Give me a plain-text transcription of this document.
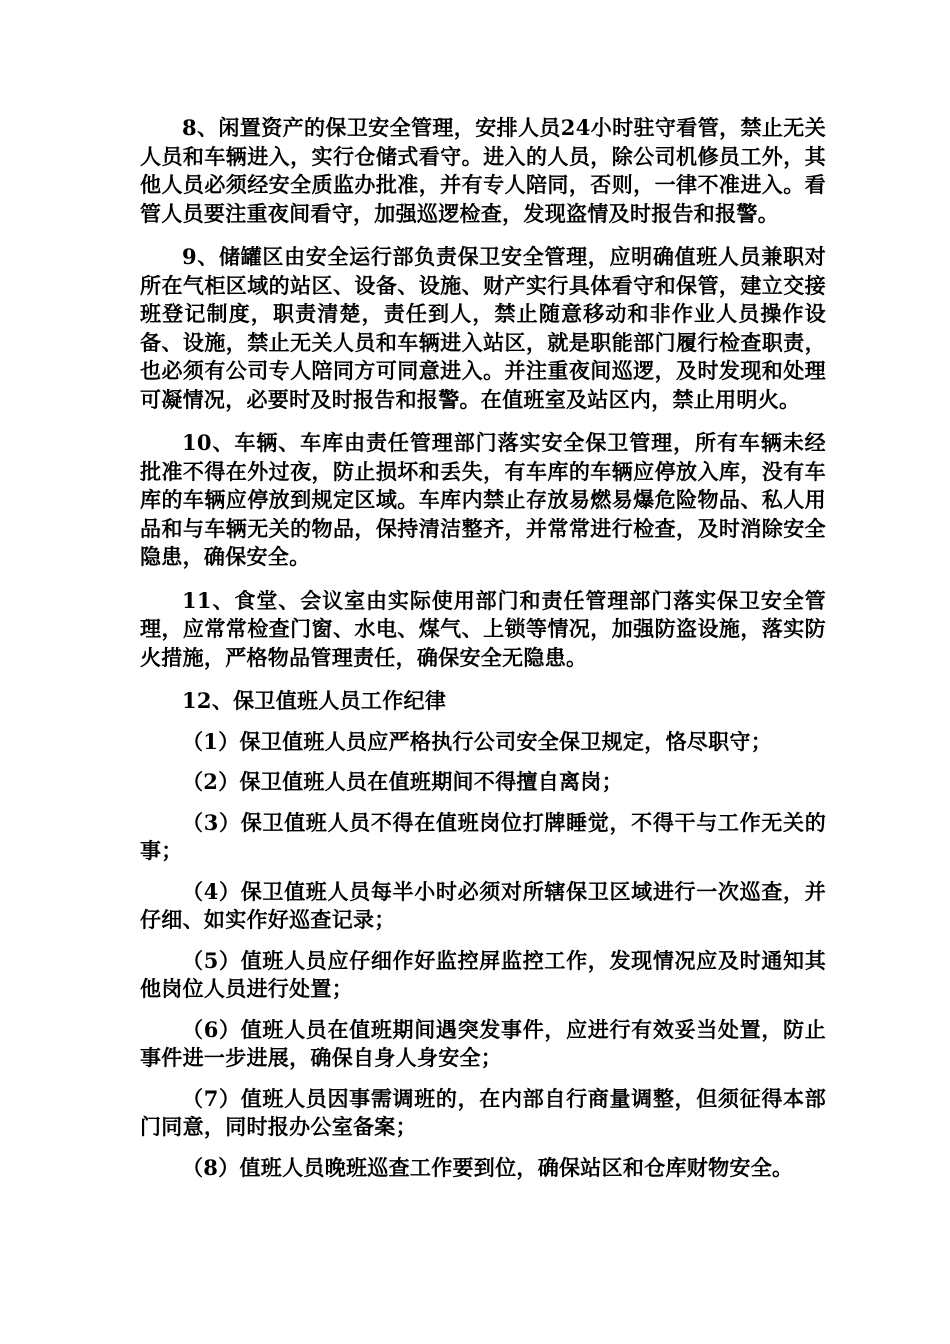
8、闲置资产的保卫安全管理，安排人员24小时驻守看管，禁止无关人员和车辆进入，实行仓储式看守。进入的人员，除公司机修员工外，其他人员必须经安全质监办批准，并有专人陪同，否则，一律不准进入。看管人员要注重夜间看守，加强巡逻检查，发现盗情及时报告和报警。

9、储罐区由安全运行部负责保卫安全管理，应明确值班人员兼职对所在气柜区域的站区、设备、设施、财产实行具体看守和保管，建立交接班登记制度，职责清楚，责任到人，禁止随意移动和非作业人员操作设备、设施，禁止无关人员和车辆进入站区，就是职能部门履行检查职责，也必须有公司专人陪同方可同意进入。并注重夜间巡逻，及时发现和处理可凝情况，必要时及时报告和报警。在值班室及站区内，禁止用明火。

10、车辆、车库由责任管理部门落实安全保卫管理，所有车辆未经批准不得在外过夜，防止损坏和丢失，有车库的车辆应停放入库，没有车库的车辆应停放到规定区域。车库内禁止存放易燃易爆危险物品、私人用品和与车辆无关的物品，保持清洁整齐，并常常进行检查，及时消除安全隐患，确保安全。

11、食堂、会议室由实际使用部门和责任管理部门落实保卫安全管理，应常常检查门窗、水电、煤气、上锁等情况，加强防盗设施，落实防火措施，严格物品管理责任，确保安全无隐患。

12、保卫值班人员工作纪律

（1）保卫值班人员应严格执行公司安全保卫规定，恪尽职守；

（2）保卫值班人员在值班期间不得擅自离岗；

（3）保卫值班人员不得在值班岗位打牌睡觉，不得干与工作无关的事；

（4）保卫值班人员每半小时必须对所辖保卫区域进行一次巡查，并仔细、如实作好巡查记录；

（5）值班人员应仔细作好监控屏监控工作，发现情况应及时通知其他岗位人员进行处置；

（6）值班人员在值班期间遇突发事件，应进行有效妥当处置，防止事件进一步进展，确保自身人身安全；

（7）值班人员因事需调班的，在内部自行商量调整，但须征得本部门同意，同时报办公室备案；

（8）值班人员晚班巡查工作要到位，确保站区和仓库财物安全。
